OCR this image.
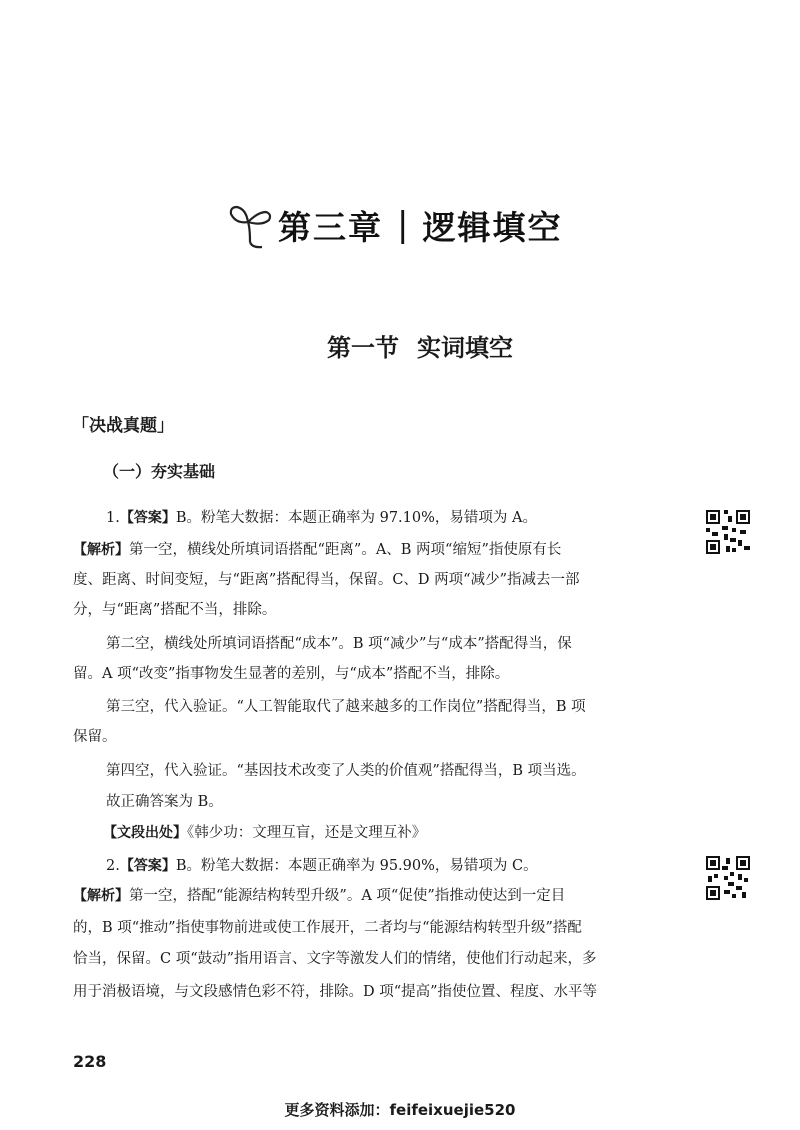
第三章 | 逻辑填空
第一节 实词填空
「决战真题」
（一）夯实基础
1.【答案】B。粉笔大数据：本题正确率为 97.10%，易错项为 A。
【解析】第一空，横线处所填词语搭配“距离”。A、B 两项“缩短”指使原有长
度、距离、时间变短，与“距离”搭配得当，保留。C、D 两项“减少”指减去一部
分，与“距离”搭配不当，排除。
第二空，横线处所填词语搭配“成本”。B 项“减少”与“成本”搭配得当，保
留。A 项“改变”指事物发生显著的差别，与“成本”搭配不当，排除。
第三空，代入验证。“人工智能取代了越来越多的工作岗位”搭配得当，B 项
保留。
第四空，代入验证。“基因技术改变了人类的价值观”搭配得当，B 项当选。
故正确答案为 B。
【文段出处】《韩少功：文理互盲，还是文理互补》
2.【答案】B。粉笔大数据：本题正确率为 95.90%，易错项为 C。
【解析】第一空，搭配“能源结构转型升级”。A 项“促使”指推动使达到一定目
的，B 项“推动”指使事物前进或使工作展开，二者均与“能源结构转型升级”搭配
恰当，保留。C 项“鼓动”指用语言、文字等激发人们的情绪，使他们行动起来，多
用于消极语境，与文段感情色彩不符，排除。D 项“提高”指使位置、程度、水平等
228
更多资料添加：feifeixuejie520
